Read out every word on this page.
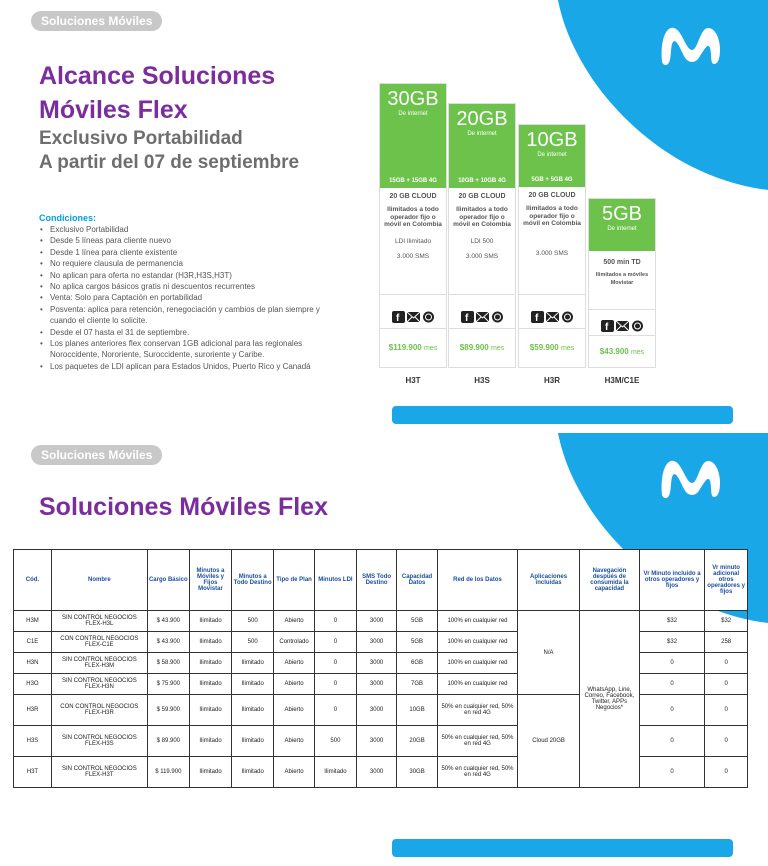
Soluciones Móviles
Alcance Soluciones
Móviles Flex
Exclusivo Portabilidad
A partir del 07 de septiembre
Condiciones:
• Exclusivo Portabilidad
• Desde 5 líneas para cliente nuevo
• Desde 1 línea para cliente existente
• No requiere clausula de permanencia
• No aplican para oferta no estandar (H3R,H3S,H3T)
• No aplica cargos básicos gratis ni descuentos recurrentes
• Venta: Solo para Captación en portabilidad
• Posventa: aplica para retención, renegociación y cambios de plan siempre y cuando el cliente lo solicite.
• Desde el 07 hasta el 31 de septiembre.
• Los planes anteriores flex conservan 1GB adicional para las regionales Noroccidente, Nororiente, Suroccidente, suroriente y Caribe.
• Los paquetes de LDI aplican para Estados Unidos, Puerto Rico y Canadá
30GB
De internet
15GB + 15GB 4G
20 GB CLOUD
Ilimitados a todo operador fijo o móvil en Colombia
LDI Ilimitado
3.000 SMS
f
$119.900 mes
20GB
De internet
10GB + 10GB 4G
20 GB CLOUD
Ilimitados a todo operador fijo o móvil en Colombia
LDI 500
3.000 SMS
f
$89.900 mes
10GB
De internet
5GB + 5GB 4G
20 GB CLOUD
Ilimitados a todo operador fijo o móvil en Colombia
3.000 SMS
f
$59.900 mes
5GB
De internet
500 min TD
Ilimitados a móviles Movistar
f
$43.900 mes
H3T	H3S	H3R	H3M/C1E
Soluciones Móviles
Soluciones Móviles Flex
Cód.	Nombre	Cargo Básico	Minutos a Móviles y Fijos Movistar	Minutos a Todo Destino	Tipo de Plan	Minutos LDI	SMS Todo Destino	Capacidad Datos	Red de los Datos	Aplicaciones incluidas	Navegación después de consumida la capacidad	Vr Minuto incluido a otros operadores y fijos	Vr minuto adicional otros operadores y fijos
H3M	SIN CONTROL NEGOCIOS FLEX-H3L	$ 43.900	Ilimitado	500	Abierto	0	3000	5GB	100% en cualquier red	N/A	WhatsApp, Line, Correo, Facebook, Twitter, APPs Negocios*	$32	$32
C1E	CON CONTROL NEGOCIOS FLEX-C1E	$ 43.900	Ilimitado	500	Controlado	0	3000	5GB	100% en cualquier red			$32	258
H3N	SIN CONTROL NEGOCIOS FLEX-H3M	$ 58.900	Ilimitado	Ilimitado	Abierto	0	3000	6GB	100% en cualquier red			0	0
H3O	SIN CONTROL NEGOCIOS FLEX-H3N	$ 75.900	Ilimitado	Ilimitado	Abierto	0	3000	7GB	100% en cualquier red			0	0
H3R	CON CONTROL NEGOCIOS FLEX-H3R	$ 59.900	Ilimitado	Ilimitado	Abierto	0	3000	10GB	50% en cualquier red, 50% en red 4G	Cloud 20GB		0	0
H3S	SIN CONTROL NEGOCIOS FLEX-H3S	$ 89.900	Ilimitado	Ilimitado	Abierto	500	3000	20GB	50% en cualquier red, 50% en red 4G			0	0
H3T	SIN CONTROL NEGOCIOS FLEX-H3T	$ 119.900	Ilimitado	Ilimitado	Abierto	Ilimitado	3000	30GB	50% en cualquier red, 50% en red 4G			0	0
